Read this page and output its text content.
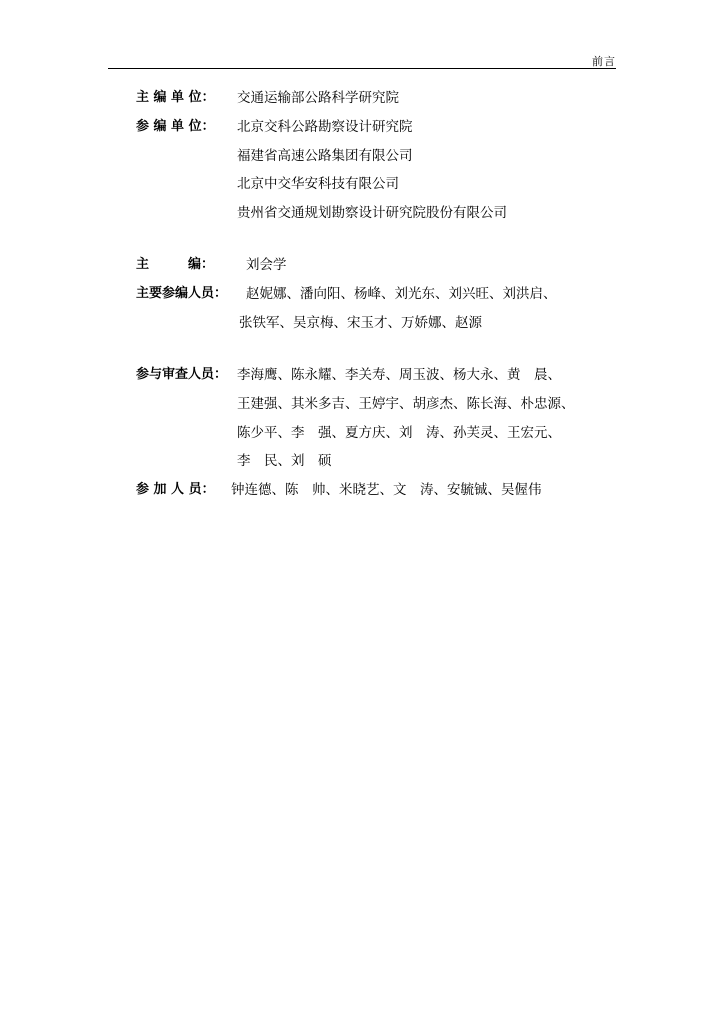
前言
主 编 单 位： 交通运输部公路科学研究院
参 编 单 位： 北京交科公路勘察设计研究院
福建省高速公路集团有限公司
北京中交华安科技有限公司
贵州省交通规划勘察设计研究院股份有限公司
主　　　编： 刘会学
主要参编人员： 赵妮娜、潘向阳、杨峰、刘光东、刘兴旺、刘洪启、
张铁军、吴京梅、宋玉才、万娇娜、赵源
参与审查人员： 李海鹰、陈永耀、李关寿、周玉波、杨大永、黄　晨、
王建强、其米多吉、王婷宇、胡彦杰、陈长海、朴忠源、
陈少平、李　强、夏方庆、刘　涛、孙芙灵、王宏元、
李　民、刘　硕
参 加 人 员： 钟连德、陈　帅、米晓艺、文　涛、安毓铖、吴偓伟
